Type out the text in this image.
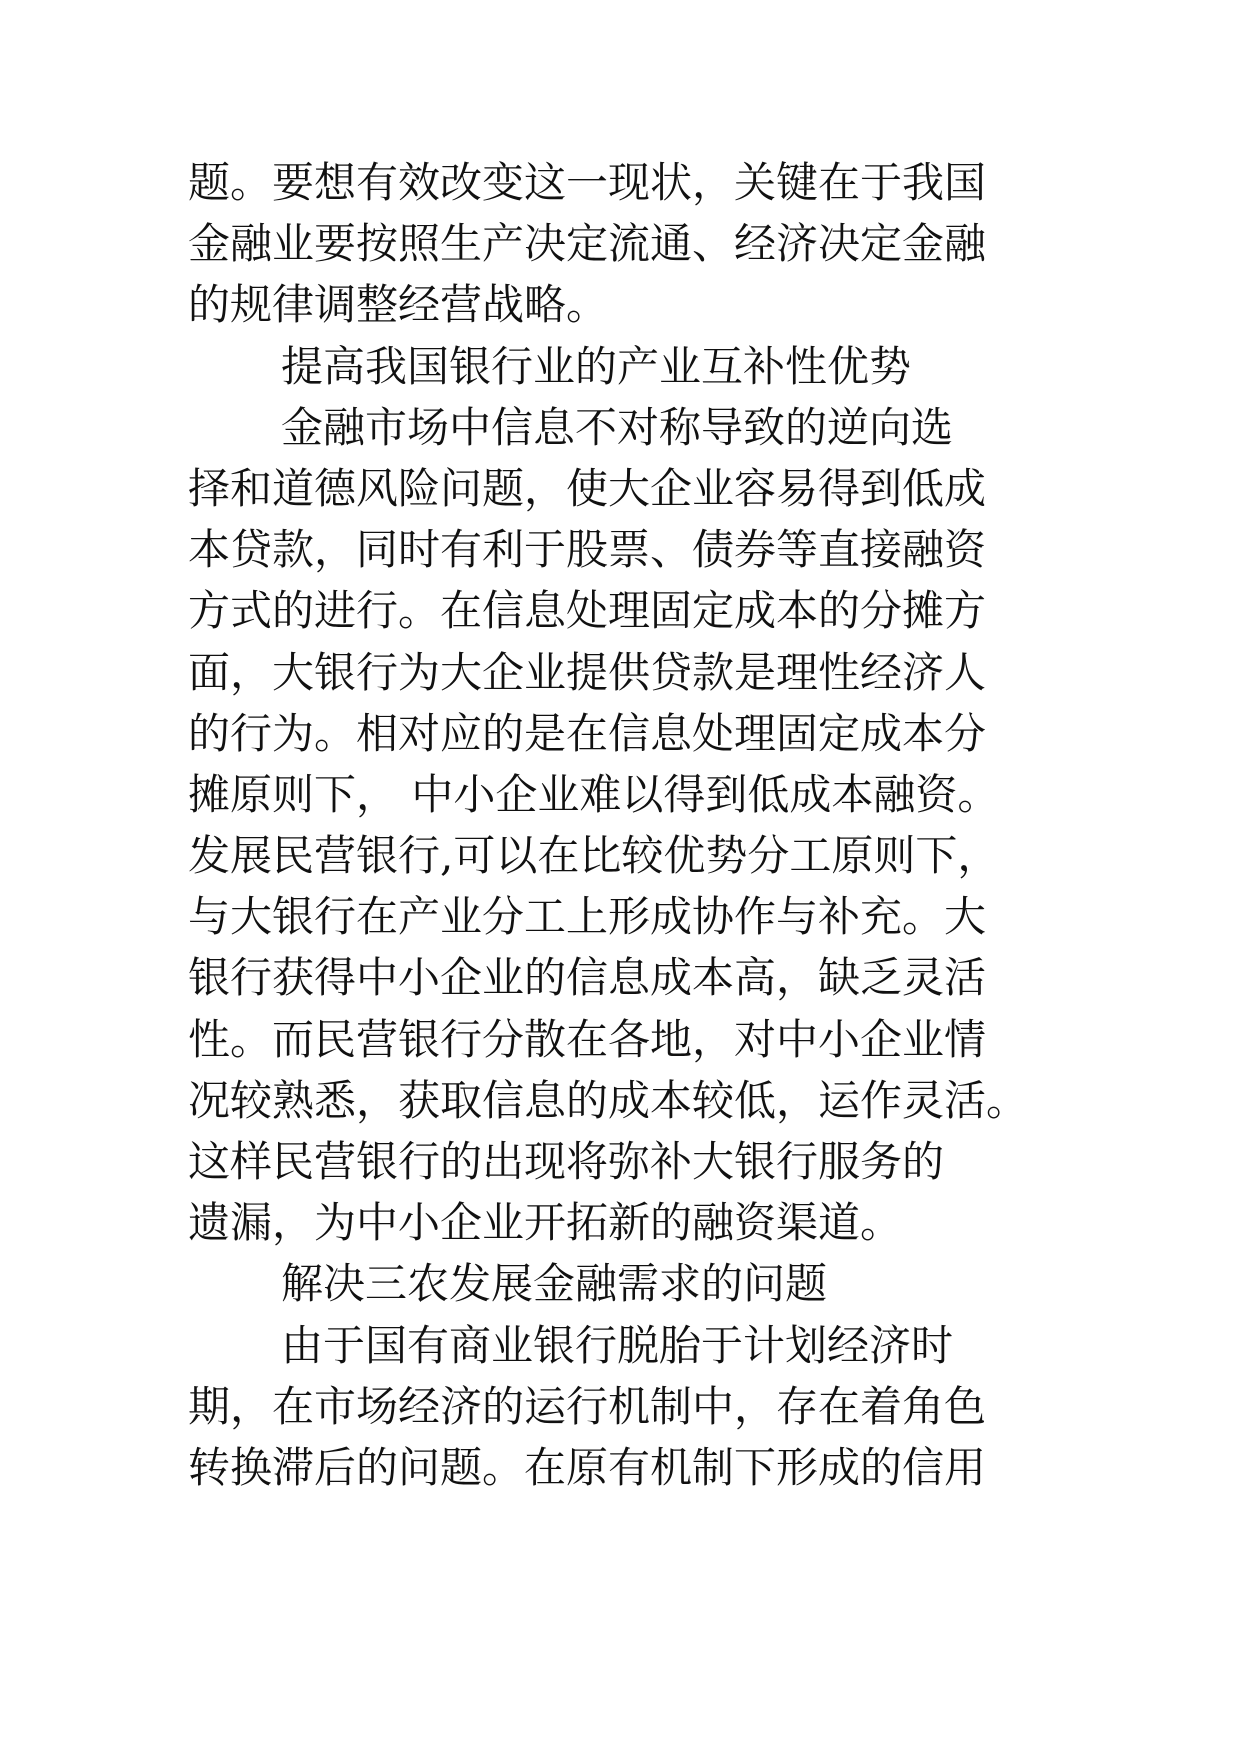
题。要想有效改变这一现状，关键在于我国

金融业要按照生产决定流通、经济决定金融

的规律调整经营战略。

提高我国银行业的产业互补性优势

金融市场中信息不对称导致的逆向选

择和道德风险问题，使大企业容易得到低成

本贷款，同时有利于股票、债券等直接融资

方式的进行。在信息处理固定成本的分摊方

面，大银行为大企业提供贷款是理性经济人

的行为。相对应的是在信息处理固定成本分

摊原则下， 中小企业难以得到低成本融资。

发展民营银行,可以在比较优势分工原则下，

与大银行在产业分工上形成协作与补充。大

银行获得中小企业的信息成本高，缺乏灵活

性。而民营银行分散在各地，对中小企业情

况较熟悉，获取信息的成本较低，运作灵活。

这样民营银行的出现将弥补大银行服务的

遗漏，为中小企业开拓新的融资渠道。

解决三农发展金融需求的问题

由于国有商业银行脱胎于计划经济时

期，在市场经济的运行机制中，存在着角色

转换滞后的问题。在原有机制下形成的信用
